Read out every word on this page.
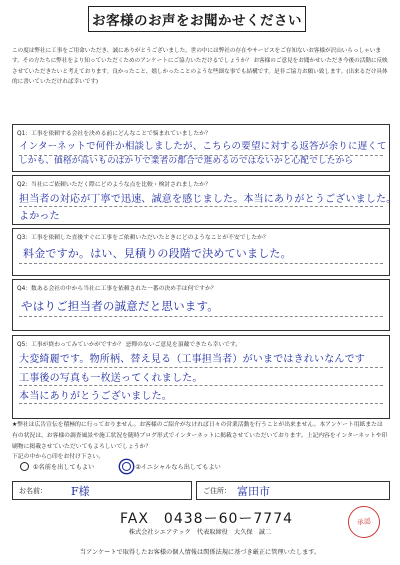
お客様のお声をお聞かせください
この度は弊社に工事をご用命いただき、誠にありがとうございました。世の中には弊社の存在やサービスをご存知ないお客様が沢山いらっしゃいます。その方たちに弊社をより知っていただくためのアンケートにご協力いただけるでしょうか？ お客様のご意見をお聞かせいただき今後の活動に反映させていただきたいと考えております。良かったこと、嬉しかったことのような些細な事でも結構です。是非ご協力お願い致します。(出来るだけ具体的に書いていただければ幸いです)
Q1：工事を依頼する会社を決める前にどんなことで悩まれていましたか？
インターネットで何件か相談しましたが、こちらの要望に対する返答が余りに遅くて
しかも、価格が高いものばかりで業者の都合で進めるのではないかと心配でしたから
Q2：当社にご依頼いただく際にどのような点を比較・検討されましたか？
担当者の対応が丁寧で迅速、誠意を感じました。本当にありがとうございました。
よかった
Q3：工事を依頼した直後すぐに工事をご依頼いただいたときにどのようなことが不安でしたか？
料金ですか。はい、見積りの段階で決めていました。
Q4：数ある会社の中から当社に工事を依頼された一番の決め手は何ですか？
やはりご担当者の誠意だと思います。
Q5：工事が終わってみていかがですか？ 忌憚のないご意見を頂戴できたら幸いです。
大変綺麗です。物所柄、替え見る（工事担当者）がいまではきれいなんです
工事後の写真も一枚送ってくれました。
本当にありがとうございました。
★弊社は広告宣伝を積極的に行っておりません。お客様のご紹介がなければ日々の営業活動を行うことが出来ません。本アンケート用紙または有の状況は、お客様の調査風景や施工状況を随時ブログ形式でインターネットに掲載させていただいております。上記内容をインターネットや印刷物に掲載させていただいてもよろしいでしょうか？
下記の中から○印をお付け下さい。
①名前を出してもよい	②イニシャルなら出してもよい
お名前：	F様	ご住所： 富田市
FAX　0438ー60ー7774	承認
株式会社シエアテック　代表取締役　大久保　誠二
当アンケートで取得したお客様の個人情報は関係法規に基づき厳正に管理いたします。
